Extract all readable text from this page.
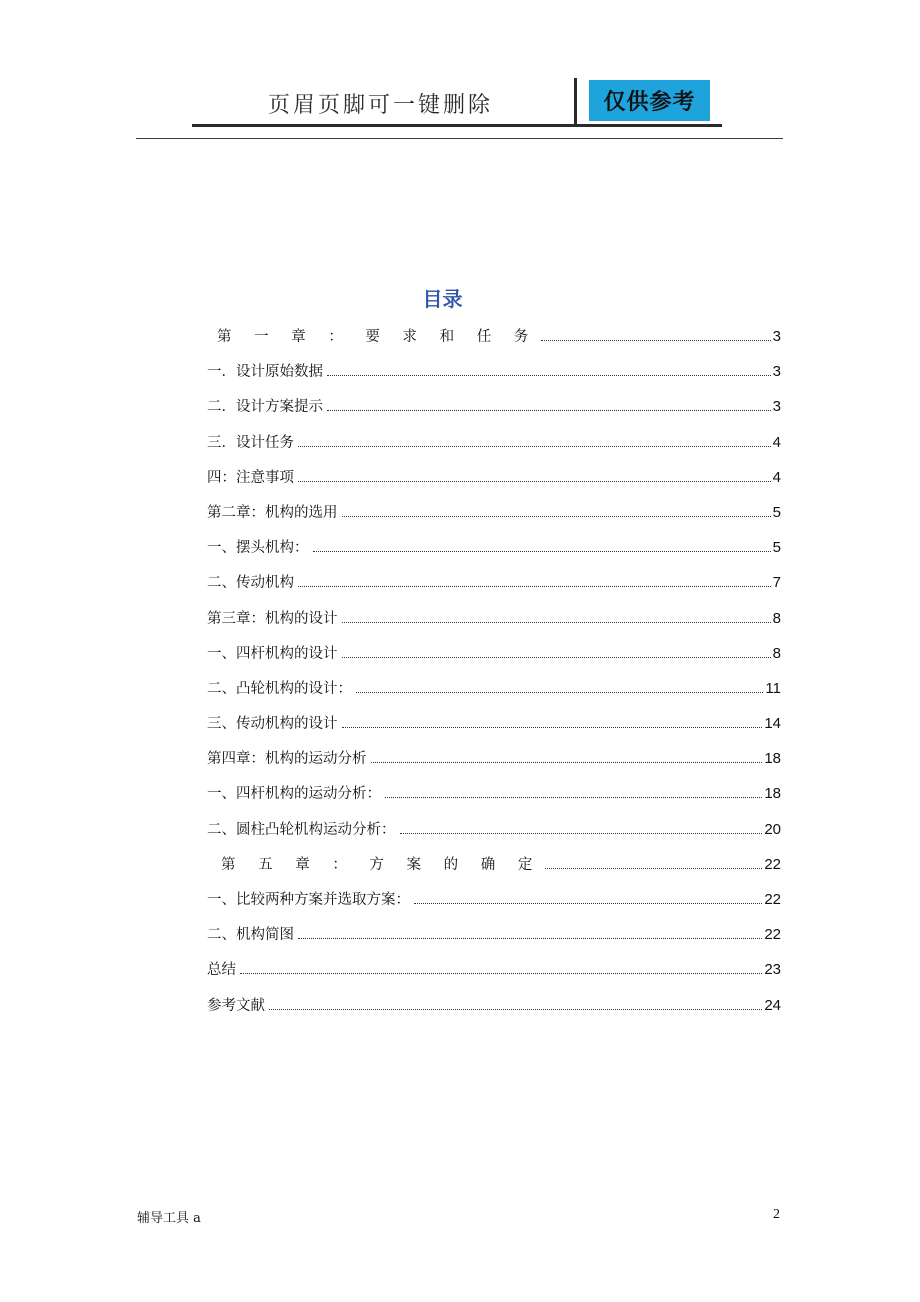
页眉页脚可一键删除	仅供参考
目录
第 一 章 ： 要 求 和 任 务	3
一．设计原始数据	3
二．设计方案提示	3
三．设计任务	4
四：注意事项	4
第二章：机构的选用	5
一、摆头机构：	5
二、传动机构	7
第三章：机构的设计	8
一、四杆机构的设计	8
二、凸轮机构的设计：	11
三、传动机构的设计	14
第四章：机构的运动分析	18
一、四杆机构的运动分析：	18
二、圆柱凸轮机构运动分析：	20
第 五 章 ： 方 案 的 确 定	22
一、比较两种方案并选取方案：	22
二、机构简图	22
总结	23
参考文献	24
辅导工具 a	2
